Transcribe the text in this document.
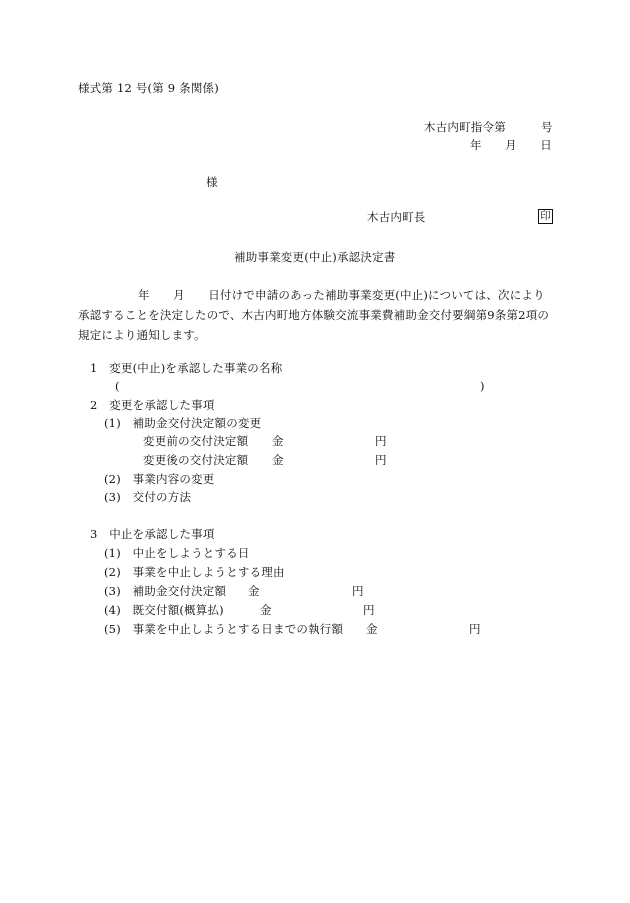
様式第 12 号(第 9 条関係)
木古内町指令第　　　号
年　　月　　日
様
木古内町長	印
補助事業変更(中止)承認決定書
年　　月　　日付けで申請のあった補助事業変更(中止)については、次により
承認することを決定したので、木古内町地方体験交流事業費補助金交付要綱第9条第2項の
規定により通知します。
1　変更(中止)を承認した事業の名称
(	)
2　変更を承認した事項
(1)　補助金交付決定額の変更
変更前の交付決定額 金	円
変更後の交付決定額 金	円
(2)　事業内容の変更
(3)　交付の方法
3　中止を承認した事項
(1)　中止をしようとする日
(2)　事業を中止しようとする理由
(3)　補助金交付決定額 金	円
(4)　既交付額(概算払)	金	円
(5)　事業を中止しようとする日までの執行額 金	円
